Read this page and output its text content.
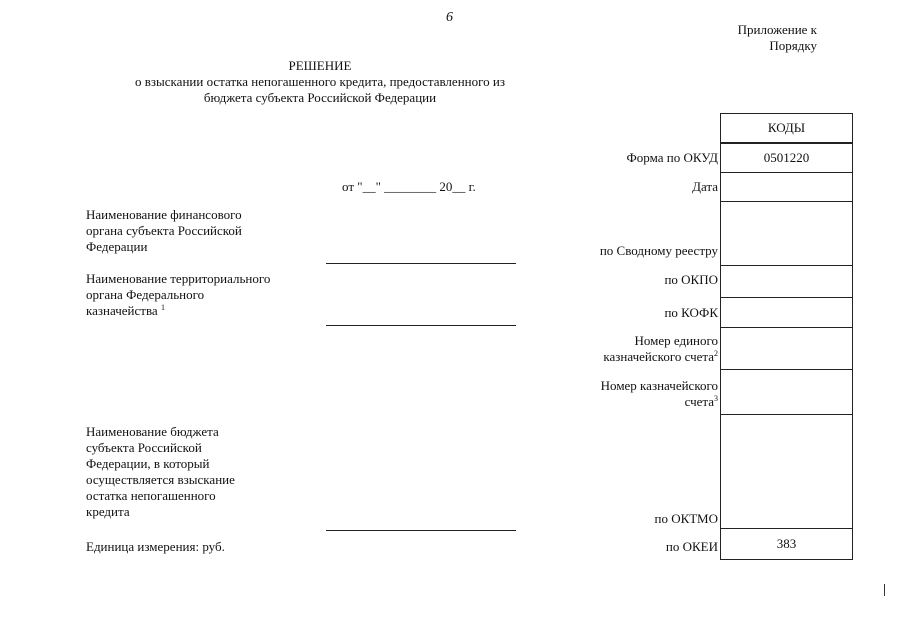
6
Приложение к
Порядку
РЕШЕНИЕ
о взыскании остатка непогашенного кредита, предоставленного из
бюджета субъекта Российской Федерации
от "__" ________ 20__ г.
Наименование финансового органа субъекта Российской Федерации
Наименование территориального органа Федерального казначейства $^1$
Наименование бюджета субъекта Российской Федерации, в который осуществляется взыскание остатка непогашенного кредита
Единица измерения: руб.
Форма по ОКУД
Дата
по Сводному реестру
по ОКПО
по КОФК
Номер единого казначейского счета$^2$
Номер казначейского счета$^3$
по ОКТМО
по ОКЕИ
КОДЫ
0501220
383
